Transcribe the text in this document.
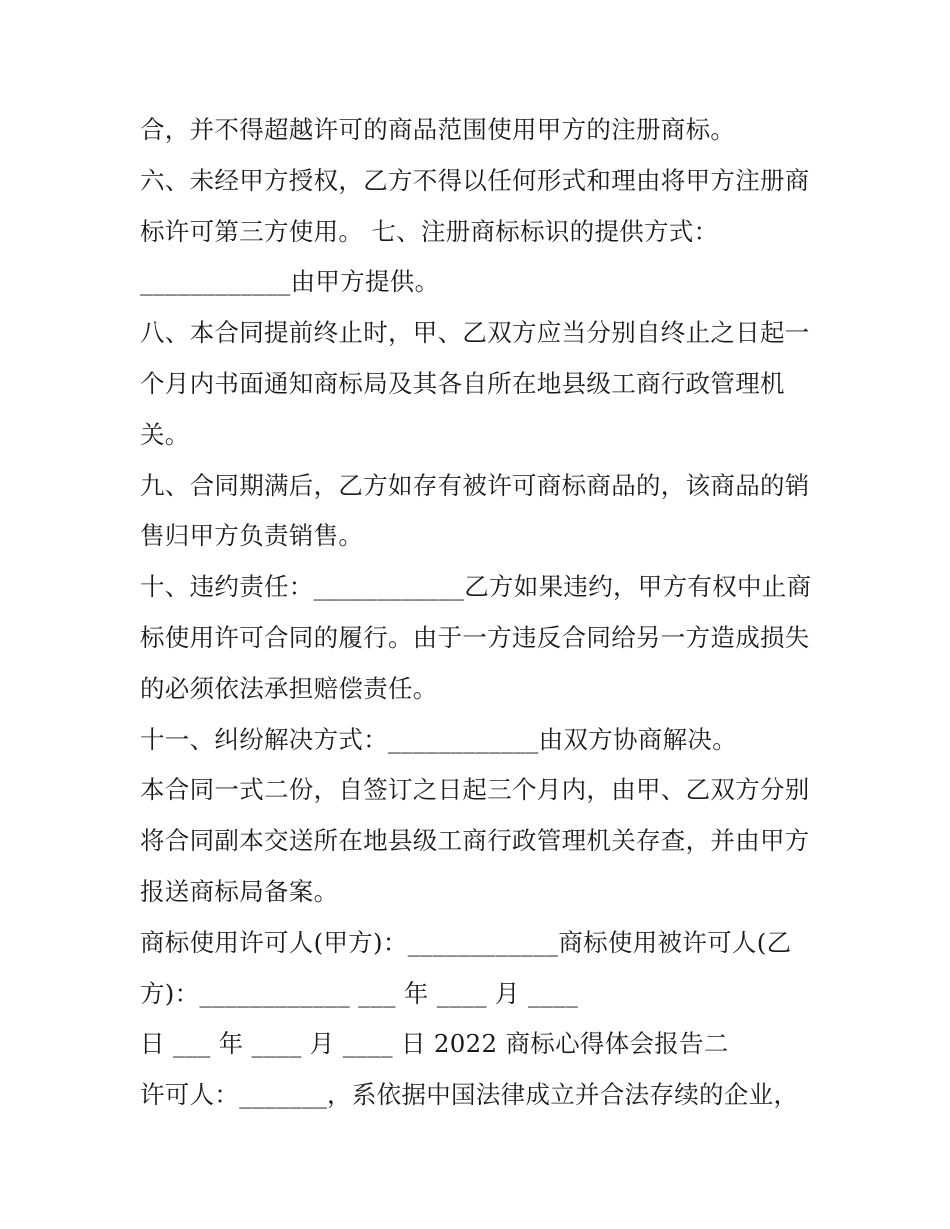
合，并不得超越许可的商品范围使用甲方的注册商标。
六、未经甲方授权，乙方不得以任何形式和理由将甲方注册商
标许可第三方使用。 七、注册商标标识的提供方式：
____________由甲方提供。
八、本合同提前终止时，甲、乙双方应当分别自终止之日起一
个月内书面通知商标局及其各自所在地县级工商行政管理机
关。
九、合同期满后，乙方如存有被许可商标商品的，该商品的销
售归甲方负责销售。
十、违约责任：____________乙方如果违约，甲方有权中止商
标使用许可合同的履行。由于一方违反合同给另一方造成损失
的必须依法承担赔偿责任。
十一、纠纷解决方式：____________由双方协商解决。
本合同一式二份，自签订之日起三个月内，由甲、乙双方分别
将合同副本交送所在地县级工商行政管理机关存查，并由甲方
报送商标局备案。
商标使用许可人(甲方)：____________商标使用被许可人(乙
方)：____________ ___ 年 ____ 月 ____
日 ___ 年 ____ 月 ____ 日 2022 商标心得体会报告二
许可人：_______，系依据中国法律成立并合法存续的企业，
